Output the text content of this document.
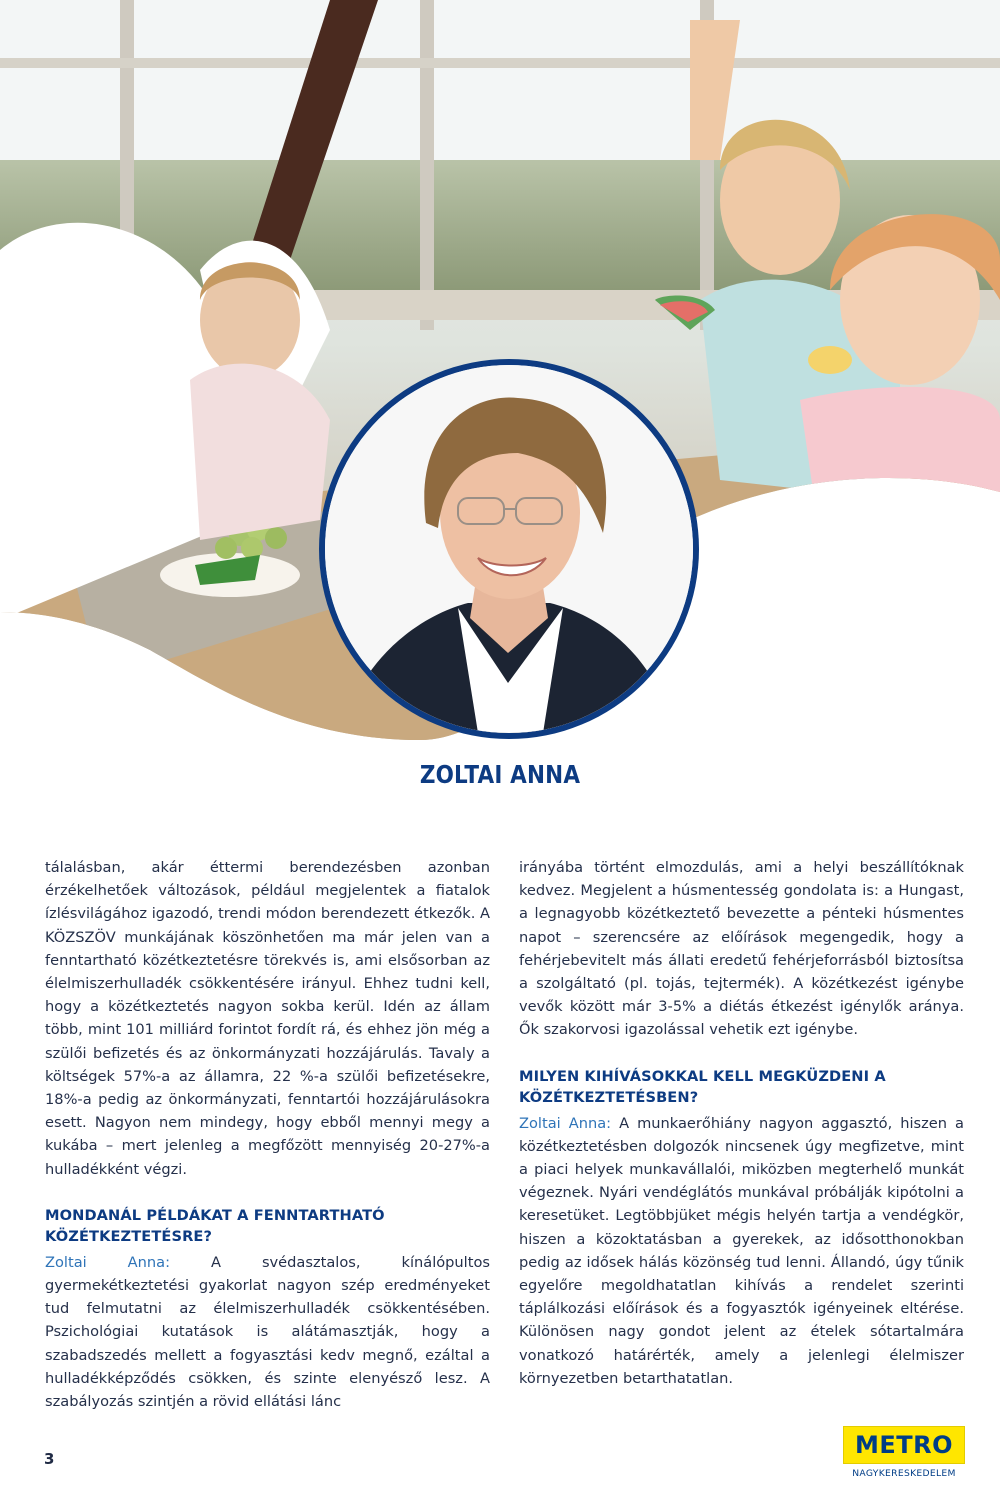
ZOLTAI ANNA

tálalásban, akár éttermi berendezésben azonban érzékelhetőek változások, például megjelentek a fiatalok ízlésvilágához igazodó, trendi módon berendezett étkezők. A KÖZSZÖV munkájának köszönhetően ma már jelen van a fenntartható közétkeztetésre törekvés is, ami elsősorban az élelmiszerhulladék csökkentésére irányul. Ehhez tudni kell, hogy a közétkeztetés nagyon sokba kerül. Idén az állam több, mint 101 milliárd forintot fordít rá, és ehhez jön még a szülői befizetés és az önkormányzati hozzájárulás. Tavaly a költségek 57%-a az államra, 22 %-a szülői befizetésekre, 18%-a pedig az önkormányzati, fenntartói hozzájárulásokra esett. Nagyon nem mindegy, hogy ebből mennyi megy a kukába – mert jelenleg a megfőzött mennyiség 20-27%-a hulladékként végzi.

MONDANÁL PÉLDÁKAT A FENNTARTHATÓ KÖZÉTKEZTETÉSRE?

Zoltai Anna: A svédasztalos, kínálópultos gyermekétkeztetési gyakorlat nagyon szép eredményeket tud felmutatni az élelmiszerhulladék csökkentésében. Pszichológiai kutatások is alátámasztják, hogy a szabadszedés mellett a fogyasztási kedv megnő, ezáltal a hulladékképződés csökken, és szinte elenyésző lesz. A szabályozás szintjén a rövid ellátási lánc

irányába történt elmozdulás, ami a helyi beszállítóknak kedvez. Megjelent a húsmentesség gondolata is: a Hungast, a legnagyobb közétkeztető bevezette a pénteki húsmentes napot – szerencsére az előírások megengedik, hogy a fehérjebevitelt más állati eredetű fehérjeforrásból biztosítsa a szolgáltató (pl. tojás, tejtermék). A közétkezést igénybe vevők között már 3-5% a diétás étkezést igénylők aránya. Ők szakorvosi igazolással vehetik ezt igénybe.

MILYEN KIHÍVÁSOKKAL KELL MEGKÜZDENI A KÖZÉTKEZTETÉSBEN?

Zoltai Anna: A munkaerőhiány nagyon aggasztó, hiszen a közétkeztetésben dolgozók nincsenek úgy megfizetve, mint a piaci helyek munkavállalói, miközben megterhelő munkát végeznek. Nyári vendéglátós munkával próbálják kipótolni a keresetüket. Legtöbbjüket mégis helyén tartja a vendégkör, hiszen a közoktatásban a gyerekek, az idősotthonokban pedig az idősek hálás közönség tud lenni. Állandó, úgy tűnik egyelőre megoldhatatlan kihívás a rendelet szerinti táplálkozási előírások és a fogyasztók igényeinek eltérése. Különösen nagy gondot jelent az ételek sótartalmára vonatkozó határérték, amely a jelenlegi élelmiszer környezetben betarthatatlan.

3	METRO
NAGYKERESKEDELEM
